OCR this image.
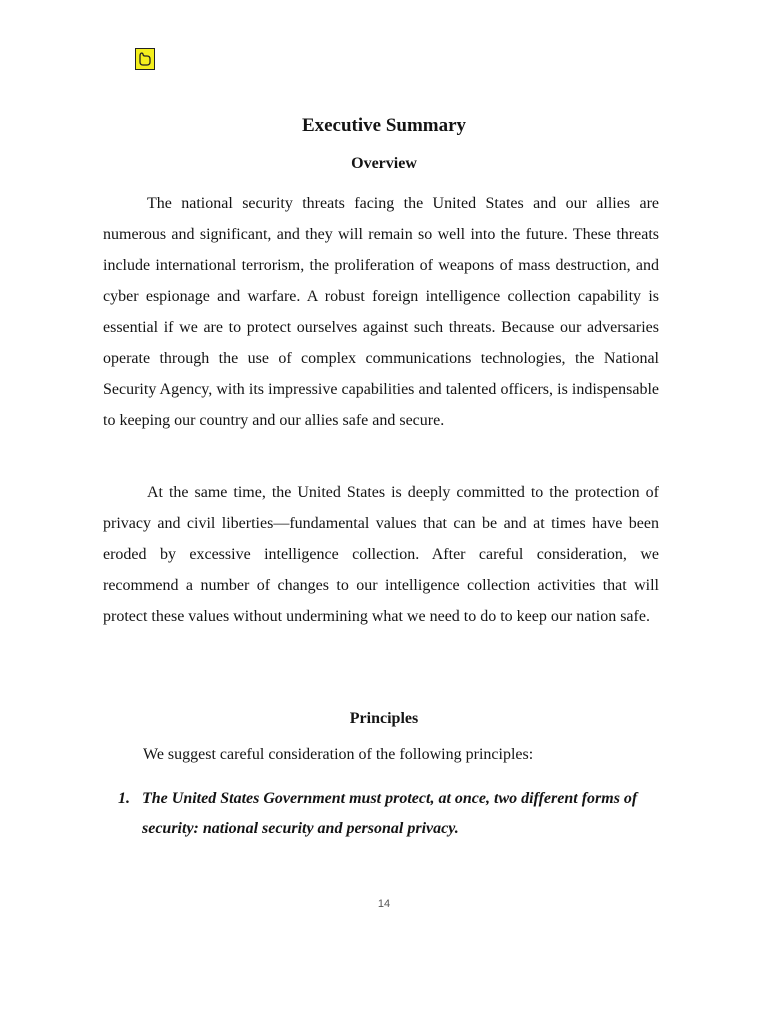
Executive Summary
Overview

The national security threats facing the United States and our allies are numerous and significant, and they will remain so well into the future. These threats include international terrorism, the proliferation of weapons of mass destruction, and cyber espionage and warfare. A robust foreign intelligence collection capability is essential if we are to protect ourselves against such threats. Because our adversaries operate through the use of complex communications technologies, the National Security Agency, with its impressive capabilities and talented officers, is indispensable to keeping our country and our allies safe and secure.

At the same time, the United States is deeply committed to the protection of privacy and civil liberties—fundamental values that can be and at times have been eroded by excessive intelligence collection. After careful consideration, we recommend a number of changes to our intelligence collection activities that will protect these values without undermining what we need to do to keep our nation safe.

Principles
We suggest careful consideration of the following principles:
1. The United States Government must protect, at once, two different forms of security: national security and personal privacy.
14
